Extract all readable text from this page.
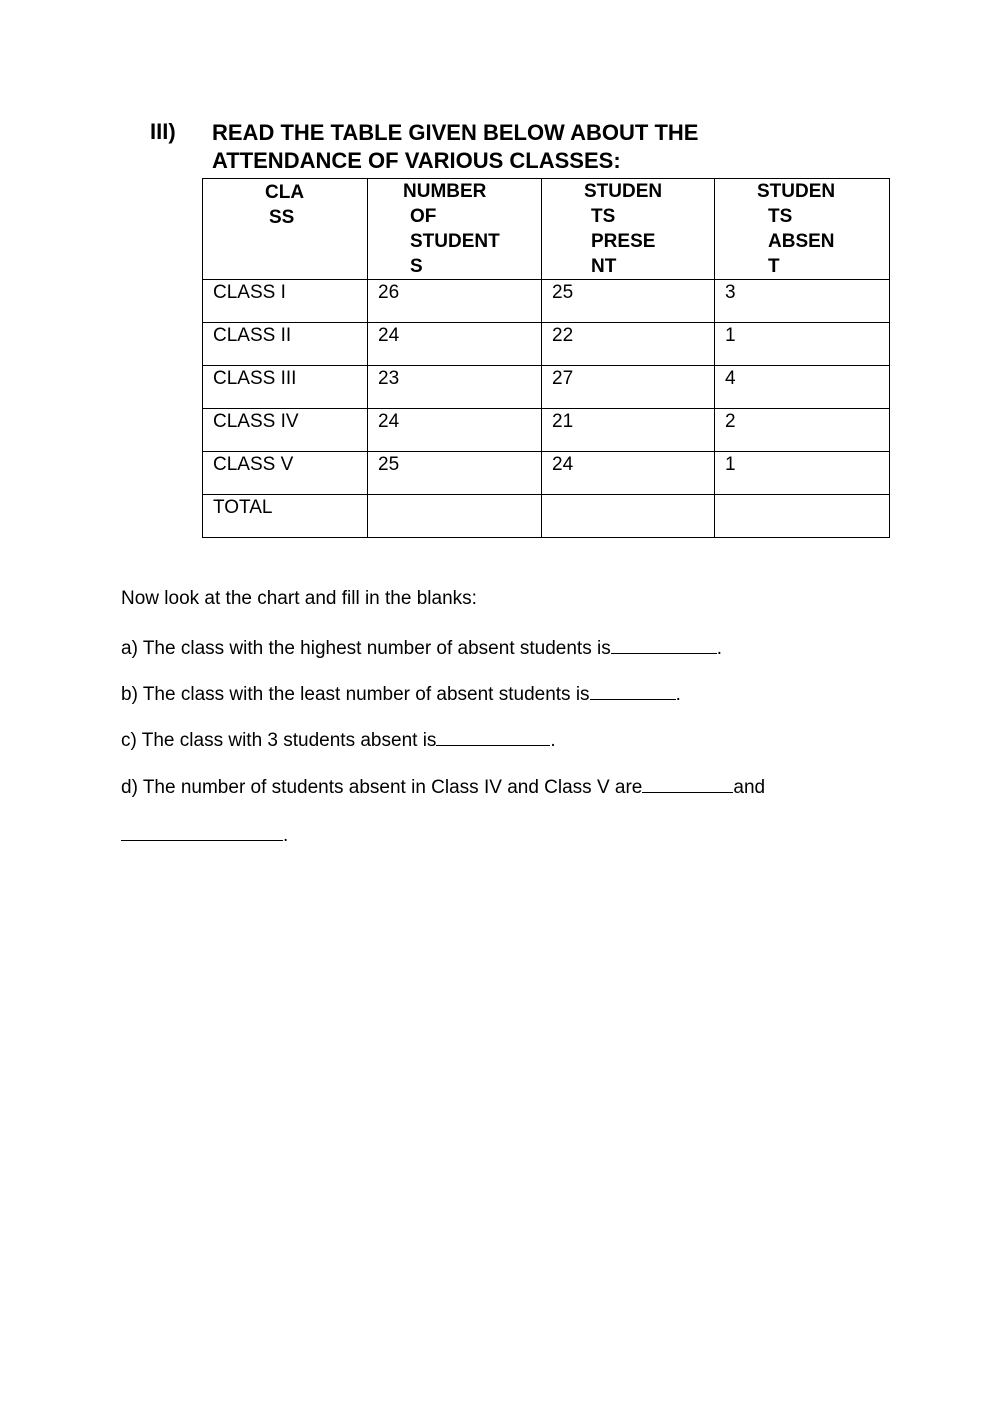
III) READ THE TABLE GIVEN BELOW ABOUT THE
ATTENDANCE OF VARIOUS CLASSES:
CLA
SS	NUMBER
OF
STUDENT
S	STUDEN
TS
PRESE
NT	STUDEN
TS
ABSEN
T

CLASS I	26	25	3
CLASS II	24	22	1
CLASS III	23	27	4
CLASS IV	24	21	2
CLASS V	25	24	1
TOTAL			
Now look at the chart and fill in the blanks:
a) The class with the highest number of absent students is	.
b) The class with the least number of absent students is	.
c) The class with 3 students absent is	.
d) The number of students absent in Class IV and Class V are	and
.
